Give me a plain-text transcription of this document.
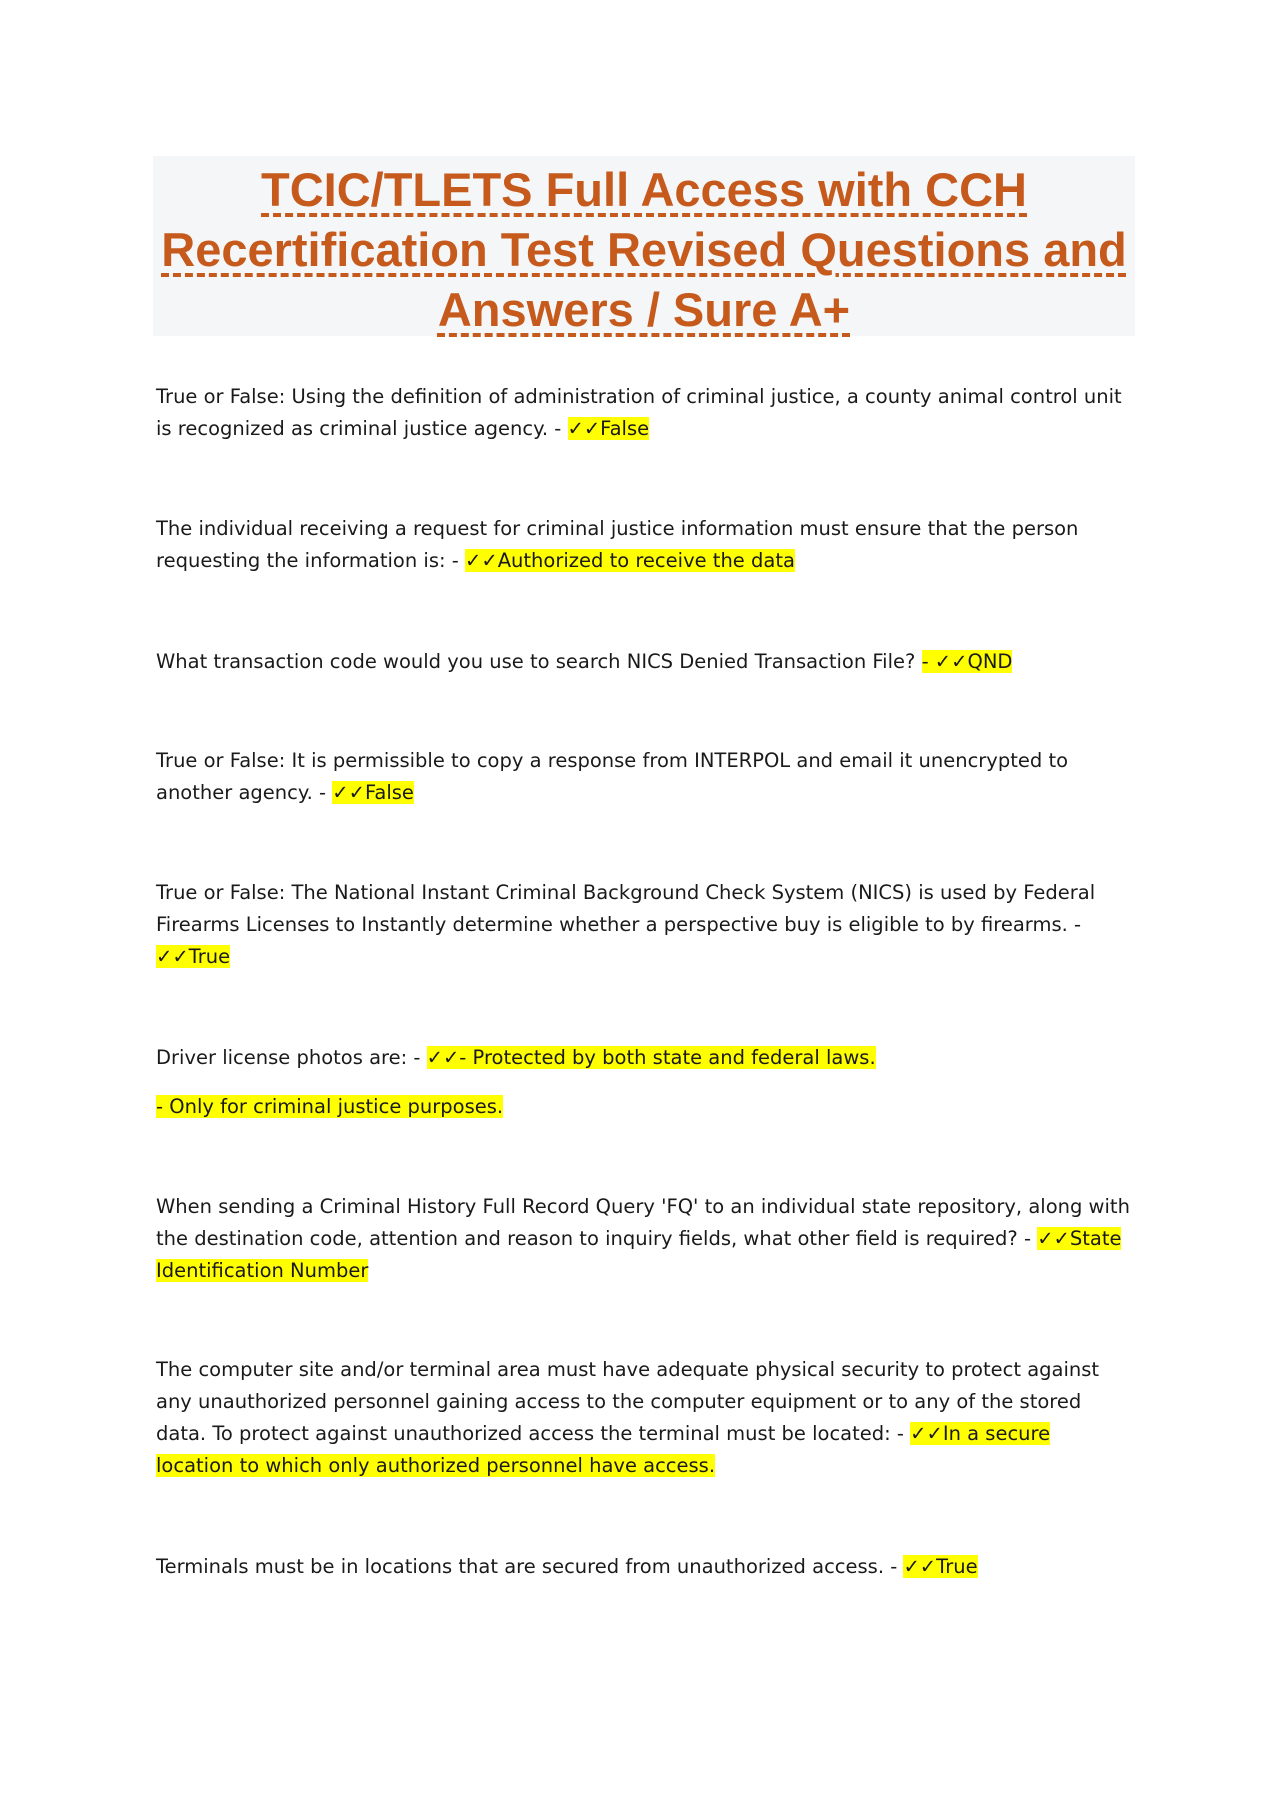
TCIC/TLETS Full Access with CCH Recertification Test Revised Questions and Answers / Sure A+

True or False: Using the definition of administration of criminal justice, a county animal control unit is recognized as criminal justice agency. - ✓✓False

The individual receiving a request for criminal justice information must ensure that the person requesting the information is: - ✓✓Authorized to receive the data

What transaction code would you use to search NICS Denied Transaction File? - ✓✓QND

True or False: It is permissible to copy a response from INTERPOL and email it unencrypted to another agency. - ✓✓False

True or False: The National Instant Criminal Background Check System (NICS) is used by Federal Firearms Licenses to Instantly determine whether a perspective buy is eligible to by firearms. - ✓✓True

Driver license photos are: - ✓✓- Protected by both state and federal laws.

- Only for criminal justice purposes.

When sending a Criminal History Full Record Query 'FQ' to an individual state repository, along with the destination code, attention and reason to inquiry fields, what other field is required? - ✓✓State Identification Number

The computer site and/or terminal area must have adequate physical security to protect against any unauthorized personnel gaining access to the computer equipment or to any of the stored data. To protect against unauthorized access the terminal must be located: - ✓✓In a secure location to which only authorized personnel have access.

Terminals must be in locations that are secured from unauthorized access. - ✓✓True
